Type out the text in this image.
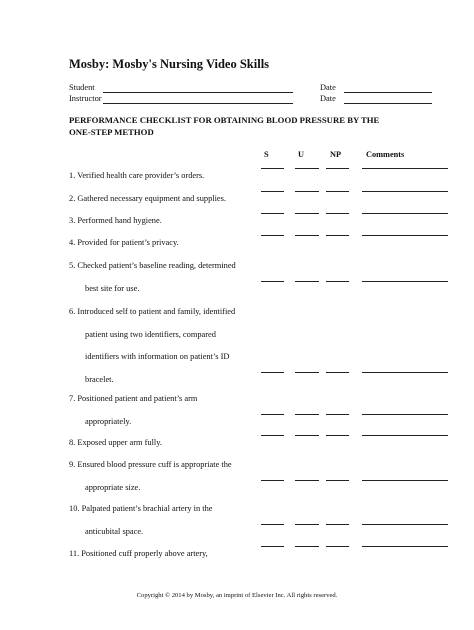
Mosby: Mosby's Nursing Video Skills
Student	Date
Instructor	Date
PERFORMANCE CHECKLIST FOR OBTAINING BLOOD PRESSURE BY THE
ONE-STEP METHOD
S	U	NP	Comments
1. Verified health care provider’s orders.
2. Gathered necessary equipment and supplies.
3. Performed hand hygiene.
4. Provided for patient’s privacy.
5. Checked patient’s baseline reading, determined
best site for use.
6. Introduced self to patient and family, identified
patient using two identifiers, compared
identifiers with information on patient’s ID
bracelet.
7. Positioned patient and patient’s arm
appropriately.
8. Exposed upper arm fully.
9. Ensured blood pressure cuff is appropriate the
appropriate size.
10. Palpated patient’s brachial artery in the
anticubital space.
11. Positioned cuff properly above artery,
Copyright © 2014 by Mosby, an imprint of Elsevier Inc. All rights reserved.
